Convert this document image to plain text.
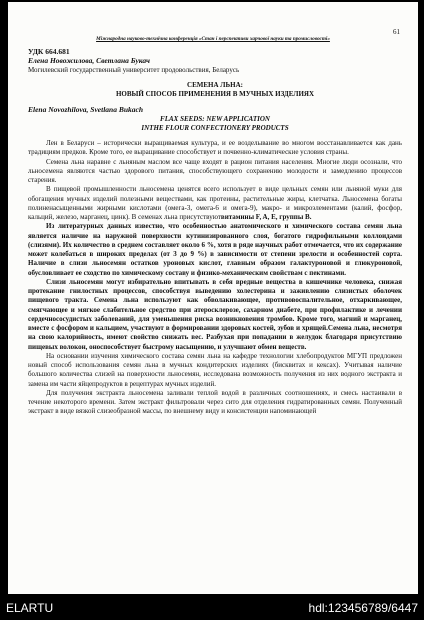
61
Міжнародна науково-технічна конференція «Стан і перспективи харчової науки та промисловості»
УДК 664.681
Елена Новожилова, Светлана Букач
Могилевский государственный университет продовольствия, Беларусь
СЕМЕНА ЛЬНА:
НОВЫЙ СПОСОБ ПРИМЕНЕНИЯ В МУЧНЫХ ИЗДЕЛИЯХ
Elena Novozhilova, Svetlana Bukach
FLAX SEEDS: NEW APPLICATION
INTHE FLOUR CONFECTIONERY PRODUCTS

Лен в Беларуси – исторически выращиваемая культура, и ее возделывание во многом восстанавливается как дань традициям предков. Кроме того, ее выращивание способствует и почвенно-климатические условия страны.

Семена льна наравне с льняным маслом все чаще входят в рацион питания населения. Многие люди осознали, что льносемена являются частью здорового питания, способствующего сохранению молодости и замедлению процессов старения.

В пищевой промышленности льносемена ценятся всего использует в виде цельных семян или льняной муки для обогащения мучных изделий полезными веществами, как протеины, растительные жиры, клетчатка. Льносемена богаты полиненасыщенными жирными кислотами (омега-3, омега-6 и омега-9), макро- и микроэлементами (калий, фосфор, кальций, железо, марганец, цинк). В семенах льна присутствуютвитамины F, A, E, группы В.

Из литературных данных известно, что особенностью анатомического и химического состава семян льна является наличие на наружной поверхности кутинизированного слоя, богатого гидрофильными коллоидами (слизями). Их количество в среднем составляет около 6 %, хотя в ряде научных работ отмечается, что их содержание может колебаться в широких пределах (от 3 до 9 %) в зависимости от степени зрелости и особенностей сорта. Наличие в слизи льносемян остатков уроновых кислот, главным образом галактуроновой и глюкуроновой, обусловливает ее сходство по химическому составу и физико-механическим свойствам с пектинами.

Слизи льносемян могут избирательно впитывать в себя вредные вещества в кишечнике человека, снижая протекание гнилостных процессов, способствуя выведению холестерина и заживлению слизистых оболочек пищевого тракта. Семена льна используют как обволакивающее, противовоспалительное, отхаркивающее, смягчающее и мягкое слабительное средство при атеросклерозе, сахарном диабете, при профилактике и лечении сердечнососудистых заболеваний, для уменьшения риска возникновения тромбов. Кроме того, магний и марганец, вместе с фосфором и кальцием, участвуют в формировании здоровых костей, зубов и хрящей.Семена льна, несмотря на свою калорийность, имеют свойство снижать вес. Разбухая при попадании в желудок благодаря присутствию пищевых волокон, оноспособствует быстрому насыщению, и улучшают обмен веществ.

На основании изучения химического состава семян льна на кафедре технологии хлебопродуктов МГУП предложен новый способ использования семян льна в мучных кондитерских изделиях (бисквитах и кексах). Учитывая наличие большого количества слизей на поверхности льносемян, исследована возможность получения из них водного экстракта и замена им части яйцепродуктов в рецептурах мучных изделий.

Для получения экстракта льносемена заливали теплой водой в различных соотношениях, и смесь настаивали в течение некоторого времени. Затем экстракт фильтровали через сито для отделения гидратированных семян. Полученный экстракт в виде вязкой слизеобразной массы, по внешнему виду и консистенции напоминающей

ELARTU	hdl:123456789/6447
